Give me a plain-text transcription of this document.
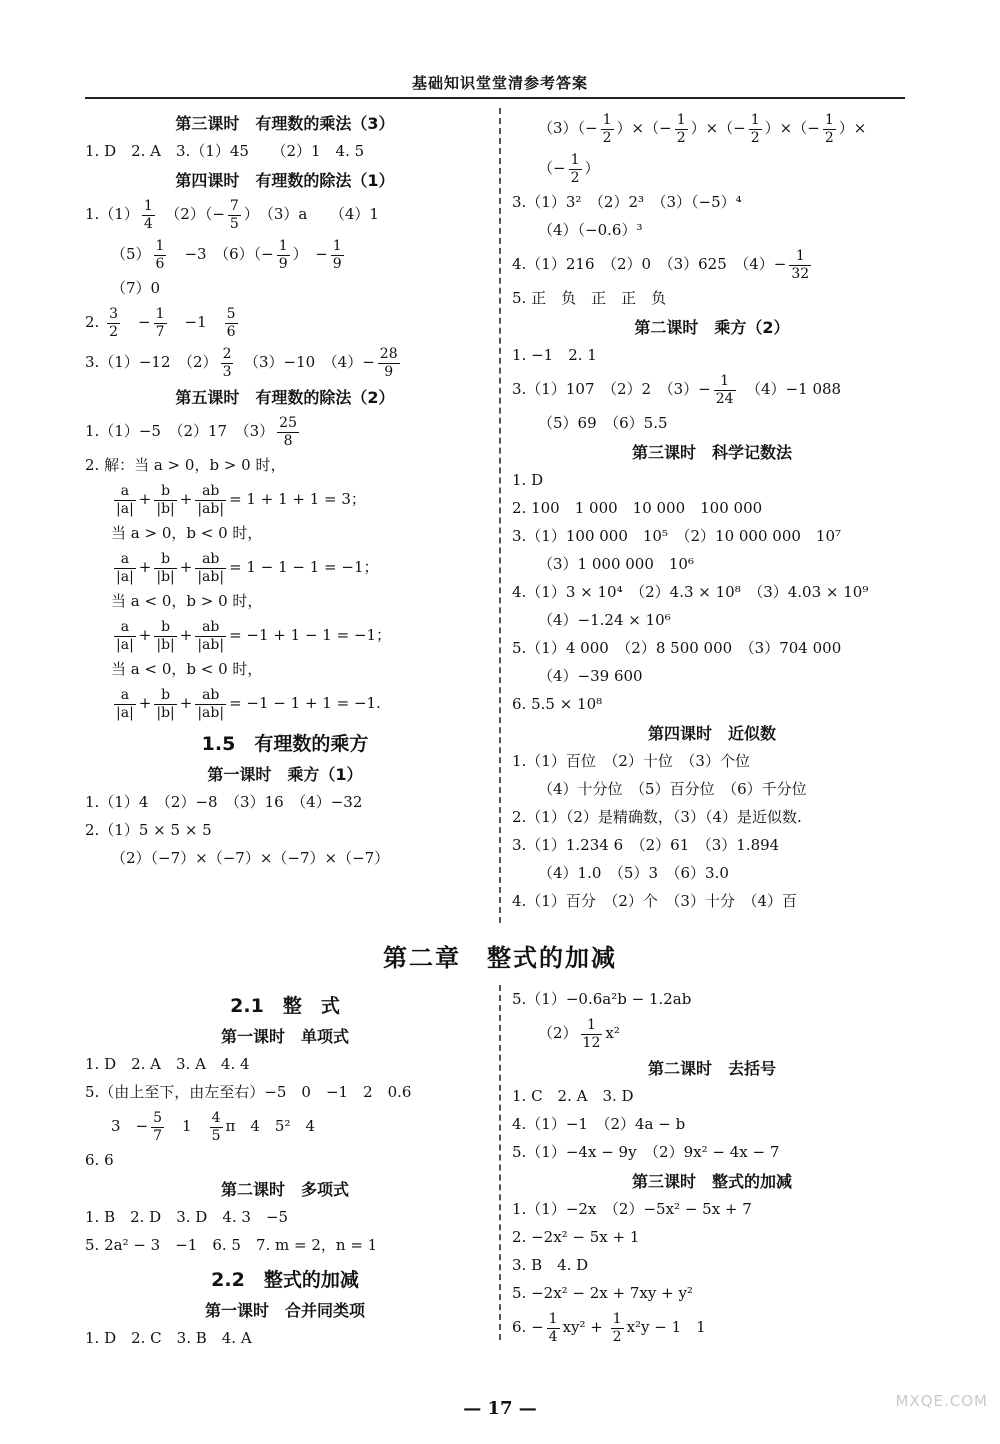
基础知识堂堂清参考答案
第三课时　有理数的乘法（3）
1. D　2. A　3.（1）45　　（2）1　4. 5
第四课时　有理数的除法（1）
$1.(1) \frac{1}{4}$ 　$(2)(- \frac{7}{5}$ ）　（3）a　　（4）1
$(5) \frac{1}{6}$ 　−3　$(6)(- \frac{1}{9}$ ）　− $\frac{1}{9}$
（7）0
2. $\frac{3}{2}$ 　− $\frac{1}{7}$ 　−1　 $\frac{5}{6}$
3.（1）−12　$(2) \frac{2}{3}$ 　（3）−10　$(4)- \frac{28}{9}$
第五课时　有理数的除法（2）
1.（1）−5　（2）17　$(3) \frac{25}{8}$
2. 解：当 a > 0，b > 0 时，
$\frac{a}{|a|} + \frac{b}{|b|} + \frac{ab}{|ab|} = 1 + 1 + 1 = 3$；
当 a > 0，b < 0 时，
$\frac{a}{|a|} + \frac{b}{|b|} + \frac{ab}{|ab|} = 1 - 1 - 1 = -1$；
当 a < 0，b > 0 时，
$\frac{a}{|a|} + \frac{b}{|b|} + \frac{ab}{|ab|} = -1 + 1 - 1 = -1$；
当 a < 0，b < 0 时，
$\frac{a}{|a|} + \frac{b}{|b|} + \frac{ab}{|ab|} = -1 - 1 + 1 = -1$.
1.5　有理数的乘方
第一课时　乘方（1）
1.（1）4　（2）−8　（3）16　（4）−32
2.（1）5 × 5 × 5
（2）（−7）×（−7）×（−7）×（−7）
$(3)(- \frac{1}{2}$ ）×（− $\frac{1}{2}$ ）×（− $\frac{1}{2}$ ）×（− $\frac{1}{2}$ ）×
（− $\frac{1}{2}$ ）
3.（1）3²　（2）2³　（3）（−5）⁴
（4）（−0.6）³
4.（1）216　（2）0　（3）625　$(4)- \frac{1}{32}$
5. 正　负　正　正　负
第二课时　乘方（2）
1. −1　2. 1
3.（1）107　（2）2　$(3)- \frac{1}{24}$ 　（4）−1 088
（5）69　（6）5.5
第三课时　科学记数法
1. D
2. 100　1 000　10 000　100 000
3.（1）100 000　10⁵　（2）10 000 000　10⁷
（3）1 000 000　10⁶
4.（1）3 × 10⁴　（2）4.3 × 10⁸　（3）4.03 × 10⁹
（4）−1.24 × 10⁶
5.（1）4 000　（2）8 500 000　（3）704 000
（4）−39 600
6. 5.5 × 10⁸
第四课时　近似数
1.（1）百位　（2）十位　（3）个位
（4）十分位　（5）百分位　（6）千分位
2.（1）（2）是精确数，（3）（4）是近似数.
3.（1）1.234 6　（2）61　（3）1.894
（4）1.0　（5）3　（6）3.0
4.（1）百分　（2）个　（3）十分　（4）百
第二章　整式的加减
2.1　整　式
第一课时　单项式
1. D　2. A　3. A　4. 4
5.（由上至下，由左至右）−5　0　−1　2　0.6
3　− $\frac{5}{7}$ 　1　 $\frac{4}{5}$ π　4　5²　4
6. 6
第二课时　多项式
1. B　2. D　3. D　4. 3　−5
5. 2a² − 3　−1　6. 5　7. m = 2，n = 1
2.2　整式的加减
第一课时　合并同类项
1. D　2. C　3. B　4. A
5.（1）−0.6a²b − 1.2ab
$(2) \frac{1}{12} x^2$
第二课时　去括号
1. C　2. A　3. D
4.（1）−1　（2）4a − b
5.（1）−4x − 9y　（2）9x² − 4x − 7
第三课时　整式的加减
1.（1）−2x　（2）−5x² − 5x + 7
2. −2x² − 5x + 1
3. B　4. D
5. −2x² − 2x + 7xy + y²
6. − $\frac{1}{4} xy^2 + \frac{1}{2} x^2y - 1$　1
— 17 —	MXQE.COM
